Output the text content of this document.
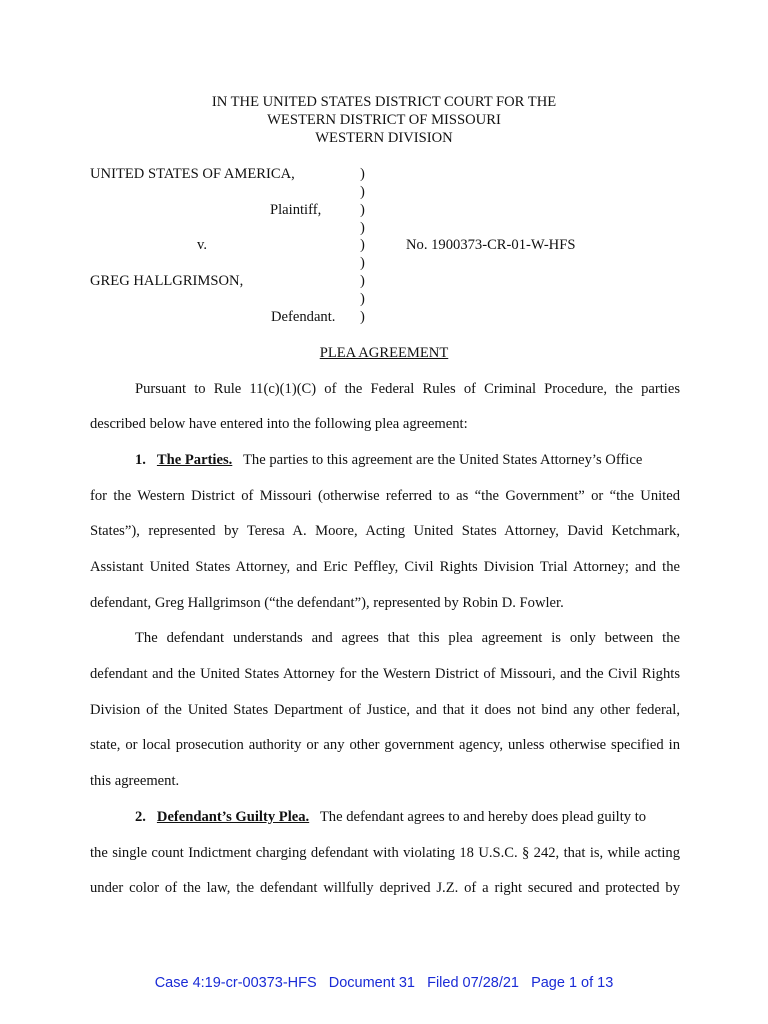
IN THE UNITED STATES DISTRICT COURT FOR THE
WESTERN DISTRICT OF MISSOURI
WESTERN DIVISION
UNITED STATES OF AMERICA,
Plaintiff,
v.
GREG HALLGRIMSON,
Defendant.
No. 1900373-CR-01-W-HFS
)
)
)
)
)
)
)
)
)
PLEA AGREEMENT
Pursuant to Rule 11(c)(1)(C) of the Federal Rules of Criminal Procedure, the parties
described below have entered into the following plea agreement:
1. The Parties. The parties to this agreement are the United States Attorney’s Office
for the Western District of Missouri (otherwise referred to as “the Government” or “the United
States”), represented by Teresa A. Moore, Acting United States Attorney, David Ketchmark,
Assistant United States Attorney, and Eric Peffley, Civil Rights Division Trial Attorney; and the
defendant, Greg Hallgrimson (“the defendant”), represented by Robin D. Fowler.
The defendant understands and agrees that this plea agreement is only between the
defendant and the United States Attorney for the Western District of Missouri, and the Civil Rights
Division of the United States Department of Justice, and that it does not bind any other federal,
state, or local prosecution authority or any other government agency, unless otherwise specified in
this agreement.
2. Defendant’s Guilty Plea. The defendant agrees to and hereby does plead guilty to
the single count Indictment charging defendant with violating 18 U.S.C. § 242, that is, while acting
under color of the law, the defendant willfully deprived J.Z. of a right secured and protected by
Case 4:19-cr-00373-HFS   Document 31   Filed 07/28/21   Page 1 of 13
